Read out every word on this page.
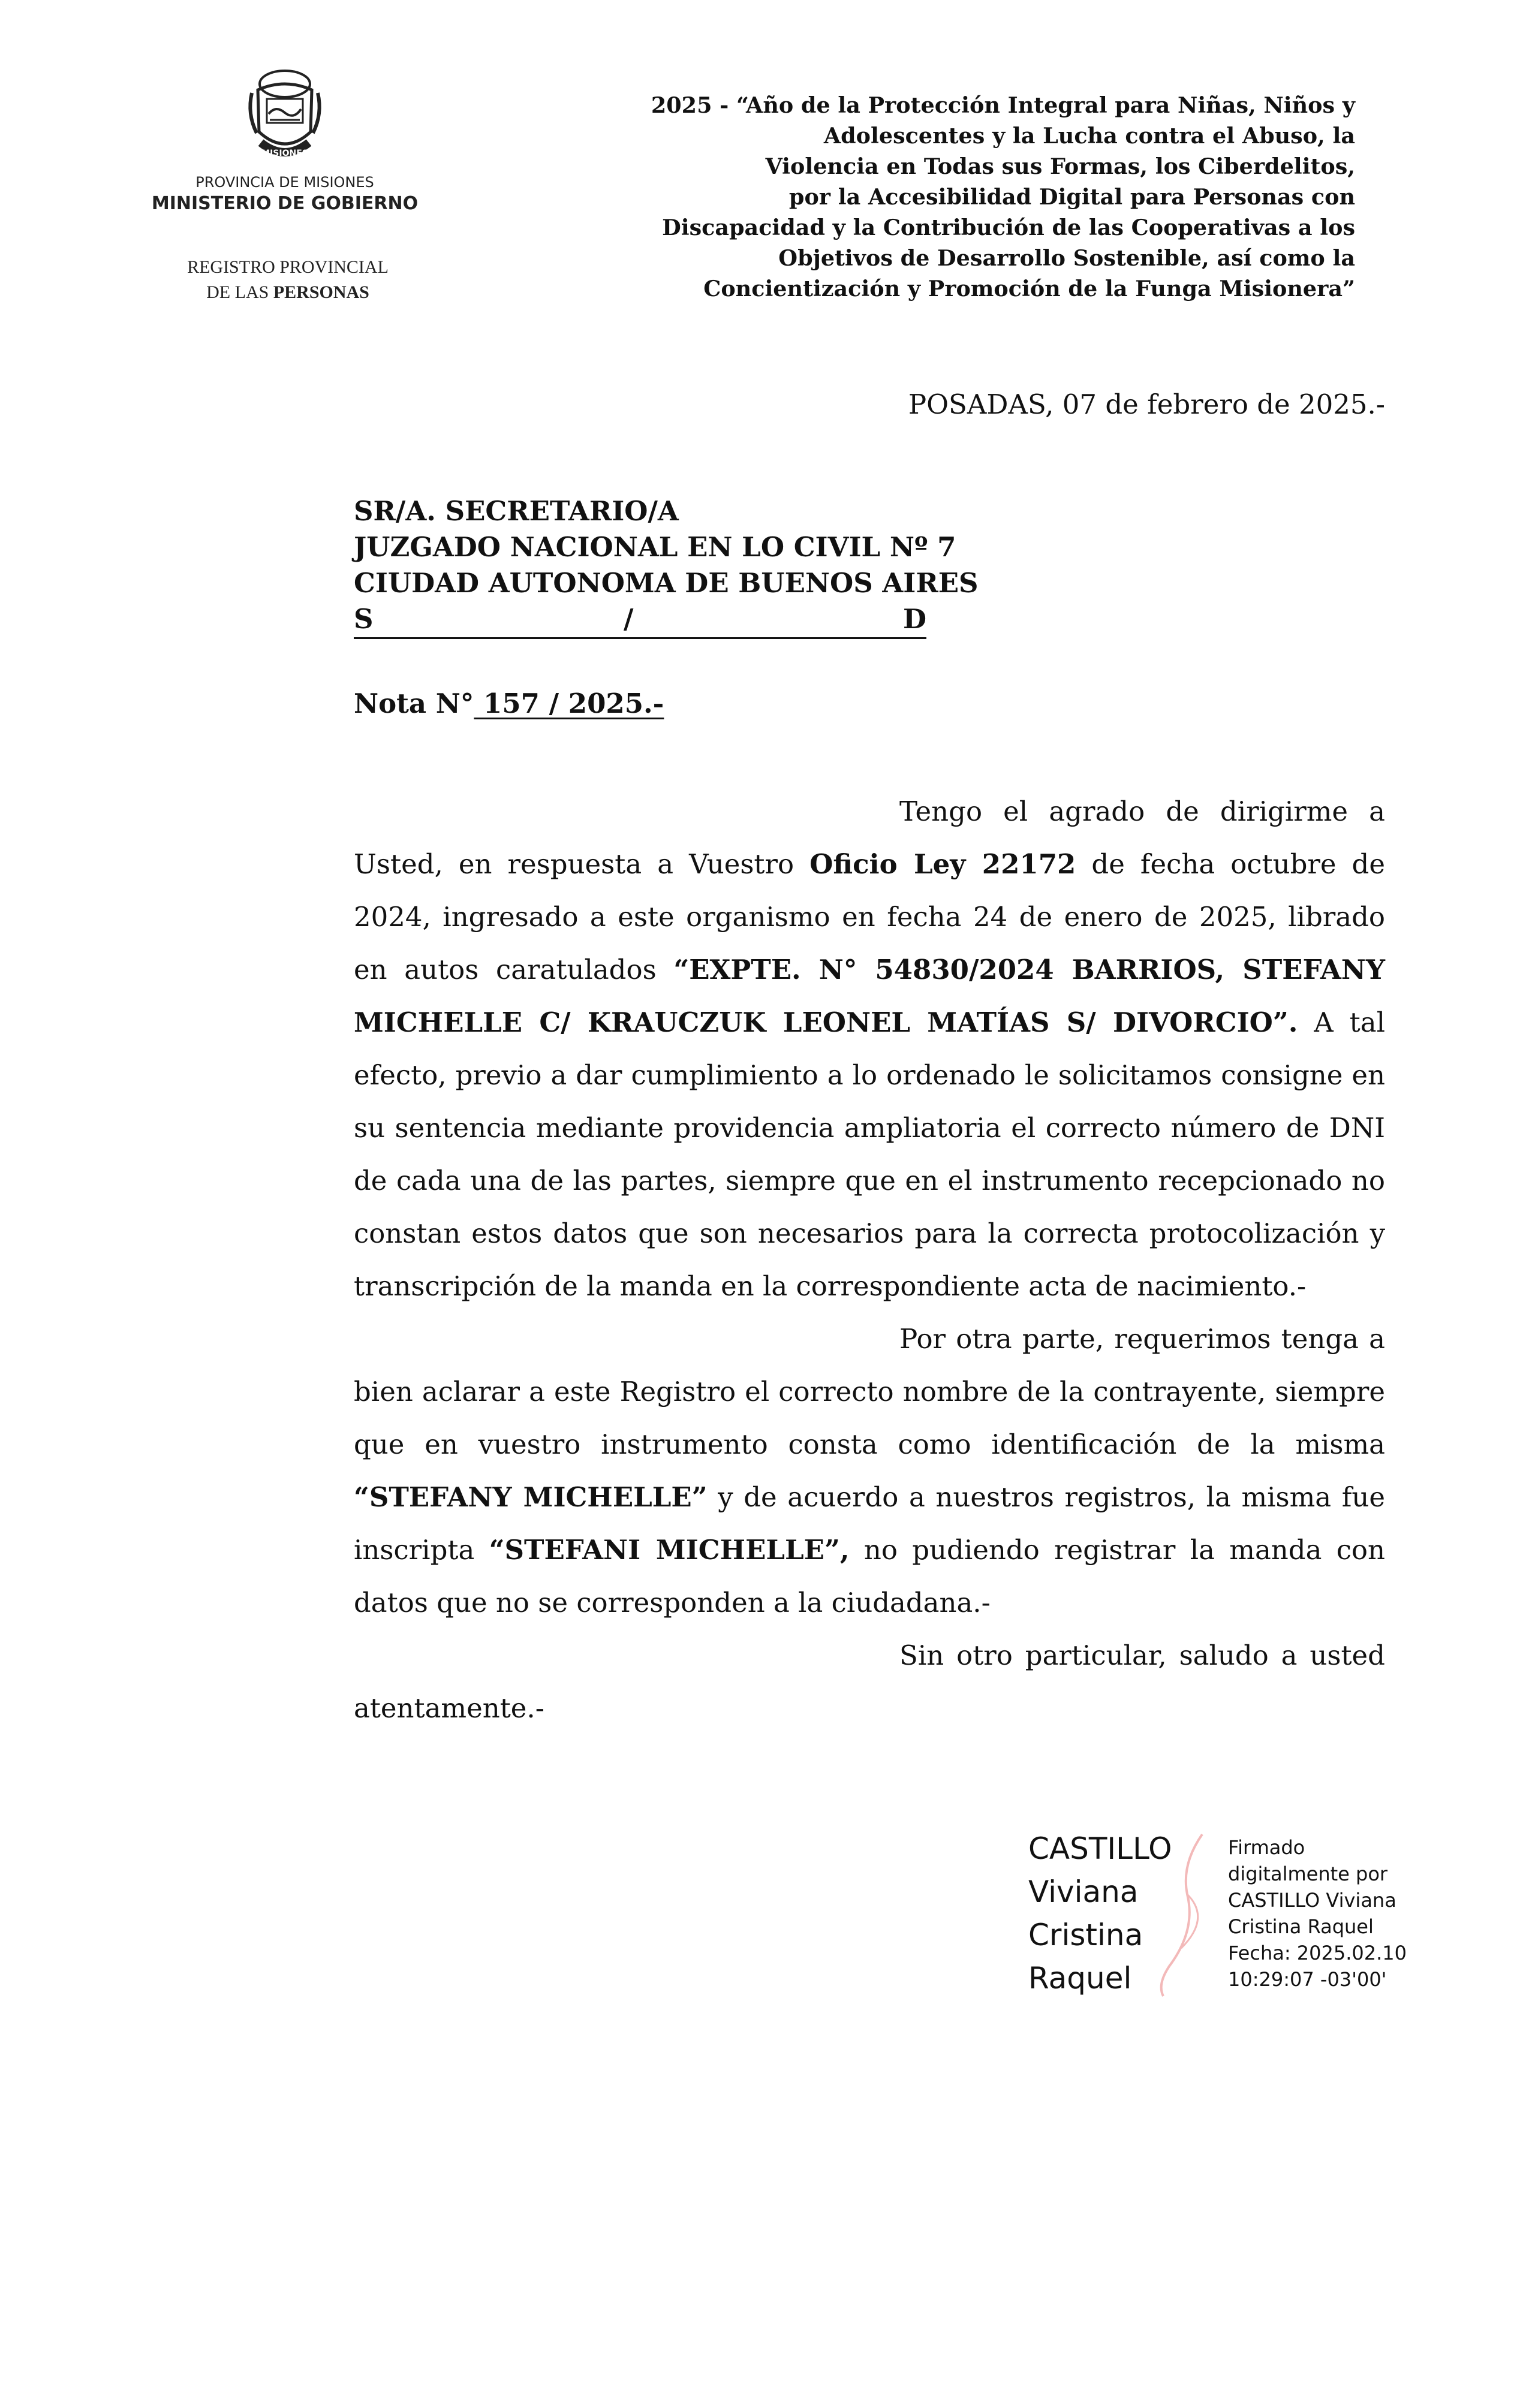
MISIONES
PROVINCIA DE MISIONES
MINISTERIO DE GOBIERNO
REGISTRO PROVINCIAL
DE LAS PERSONAS
2025 - “Año de la Protección Integral para Niñas, Niños y
Adolescentes y la Lucha contra el Abuso, la
Violencia en Todas sus Formas, los Ciberdelitos,
por la Accesibilidad Digital para Personas con
Discapacidad y la Contribución de las Cooperativas a los
Objetivos de Desarrollo Sostenible, así como la
Concientización y Promoción de la Funga Misionera”
POSADAS, 07 de febrero de 2025.-
SR/A. SECRETARIO/A
JUZGADO NACIONAL EN LO CIVIL Nº 7
CIUDAD AUTONOMA DE BUENOS AIRES
S	/	D
Nota N° 157 / 2025.-

Tengo el agrado de dirigirme a Usted, en respuesta a Vuestro Oficio Ley 22172 de fecha octubre de 2024, ingresado a este organismo en fecha 24 de enero de 2025, librado en autos caratulados “EXPTE. N° 54830/2024 BARRIOS, STEFANY MICHELLE C/ KRAUCZUK LEONEL MATÍAS S/ DIVORCIO”. A tal efecto, previo a dar cumplimiento a lo ordenado le solicitamos consigne en su sentencia mediante providencia ampliatoria el correcto número de DNI de cada una de las partes, siempre que en el instrumento recepcionado no constan estos datos que son necesarios para la correcta protocolización y transcripción de la manda en la correspondiente acta de nacimiento.-

Por otra parte, requerimos tenga a bien aclarar a este Registro el correcto nombre de la contrayente, siempre que en vuestro instrumento consta como identificación de la misma “STEFANY MICHELLE” y de acuerdo a nuestros registros, la misma fue inscripta “STEFANI MICHELLE”, no pudiendo registrar la manda con datos que no se corresponden a la ciudadana.-

Sin otro particular, saludo a usted atentamente.-

CASTILLO
Viviana
Cristina
Raquel
Firmado
digitalmente por
CASTILLO Viviana
Cristina Raquel
Fecha: 2025.02.10
10:29:07 -03'00'
